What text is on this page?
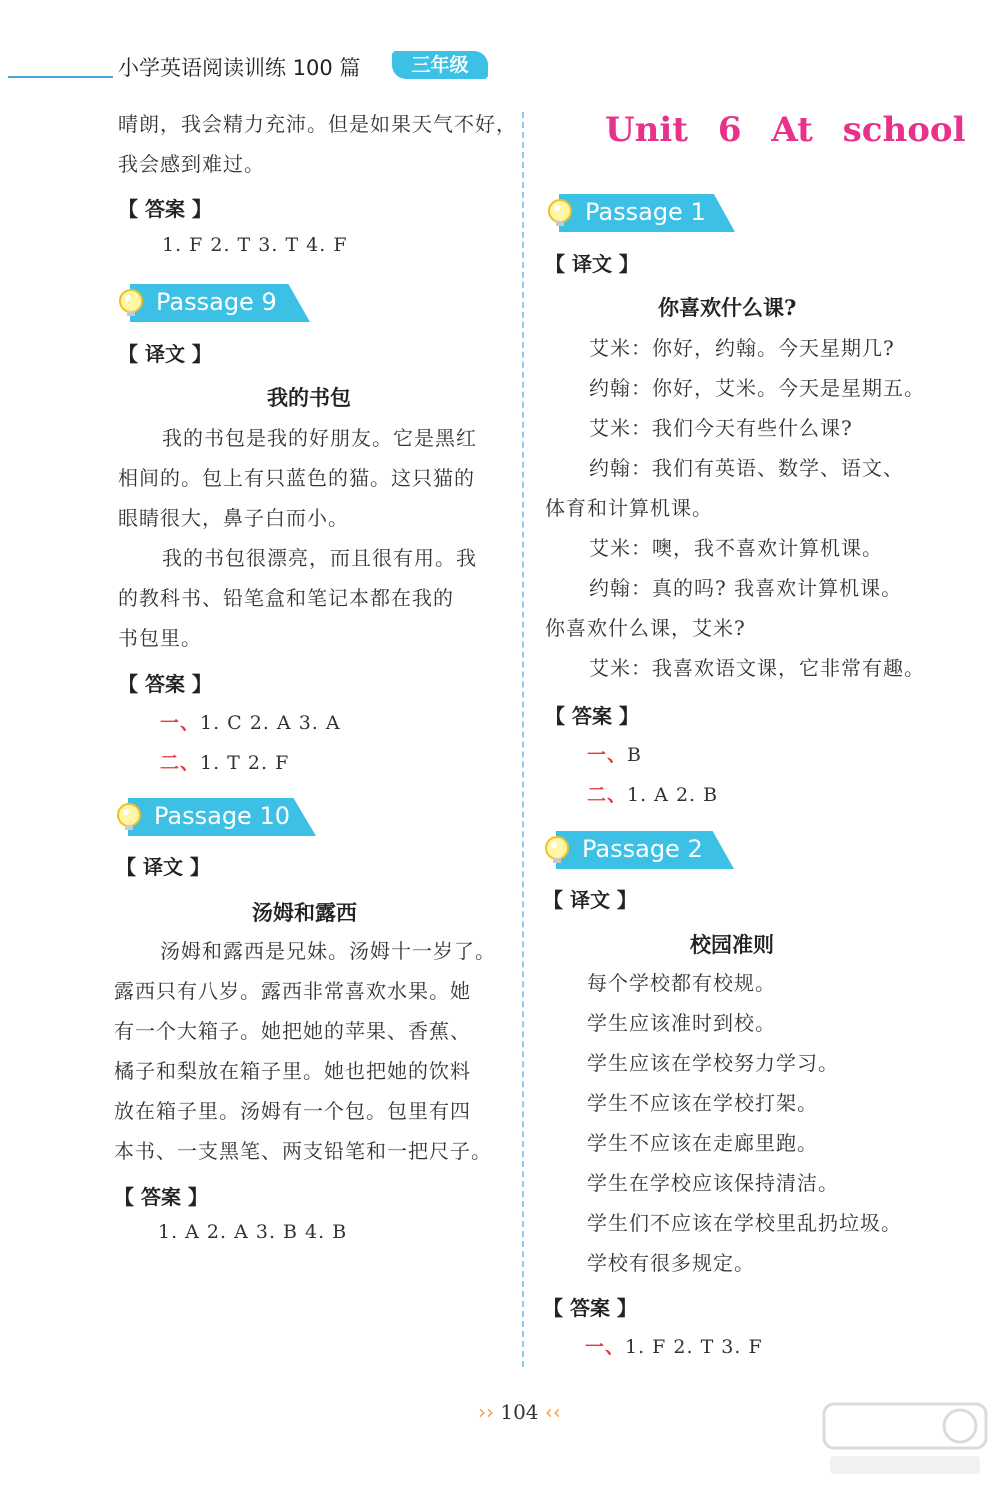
小学英语阅读训练 100 篇	三年级
晴朗，我会精力充沛。但是如果天气不好，
我会感到难过。
【 答案 】
1. F 2. T 3. T 4. F
Passage 9
【 译文 】
我的书包
我的书包是我的好朋友。它是黑红
相间的。包上有只蓝色的猫。这只猫的
眼睛很大，鼻子白而小。
我的书包很漂亮，而且很有用。我
的教科书、铅笔盒和笔记本都在我的
书包里。
【 答案 】
一、1. C 2. A 3. A
二、1. T 2. F
Passage 10
【 译文 】
汤姆和露西
汤姆和露西是兄妹。汤姆十一岁了。
露西只有八岁。露西非常喜欢水果。她
有一个大箱子。她把她的苹果、香蕉、
橘子和梨放在箱子里。她也把她的饮料
放在箱子里。汤姆有一个包。包里有四
本书、一支黑笔、两支铅笔和一把尺子。
【 答案 】
1. A 2. A 3. B 4. B
Unit 6 At school
Passage 1
【 译文 】
你喜欢什么课?
艾米：你好，约翰。今天星期几?
约翰：你好，艾米。今天是星期五。
艾米：我们今天有些什么课?
约翰：我们有英语、数学、语文、
体育和计算机课。
艾米：噢，我不喜欢计算机课。
约翰：真的吗? 我喜欢计算机课。
你喜欢什么课，艾米?
艾米：我喜欢语文课，它非常有趣。
【 答案 】
一、B
二、1. A 2. B
Passage 2
【 译文 】
校园准则
每个学校都有校规。
学生应该准时到校。
学生应该在学校努力学习。
学生不应该在学校打架。
学生不应该在走廊里跑。
学生在学校应该保持清洁。
学生们不应该在学校里乱扔垃圾。
学校有很多规定。
【 答案 】
一、1. F 2. T 3. F
›› 104 ‹‹
